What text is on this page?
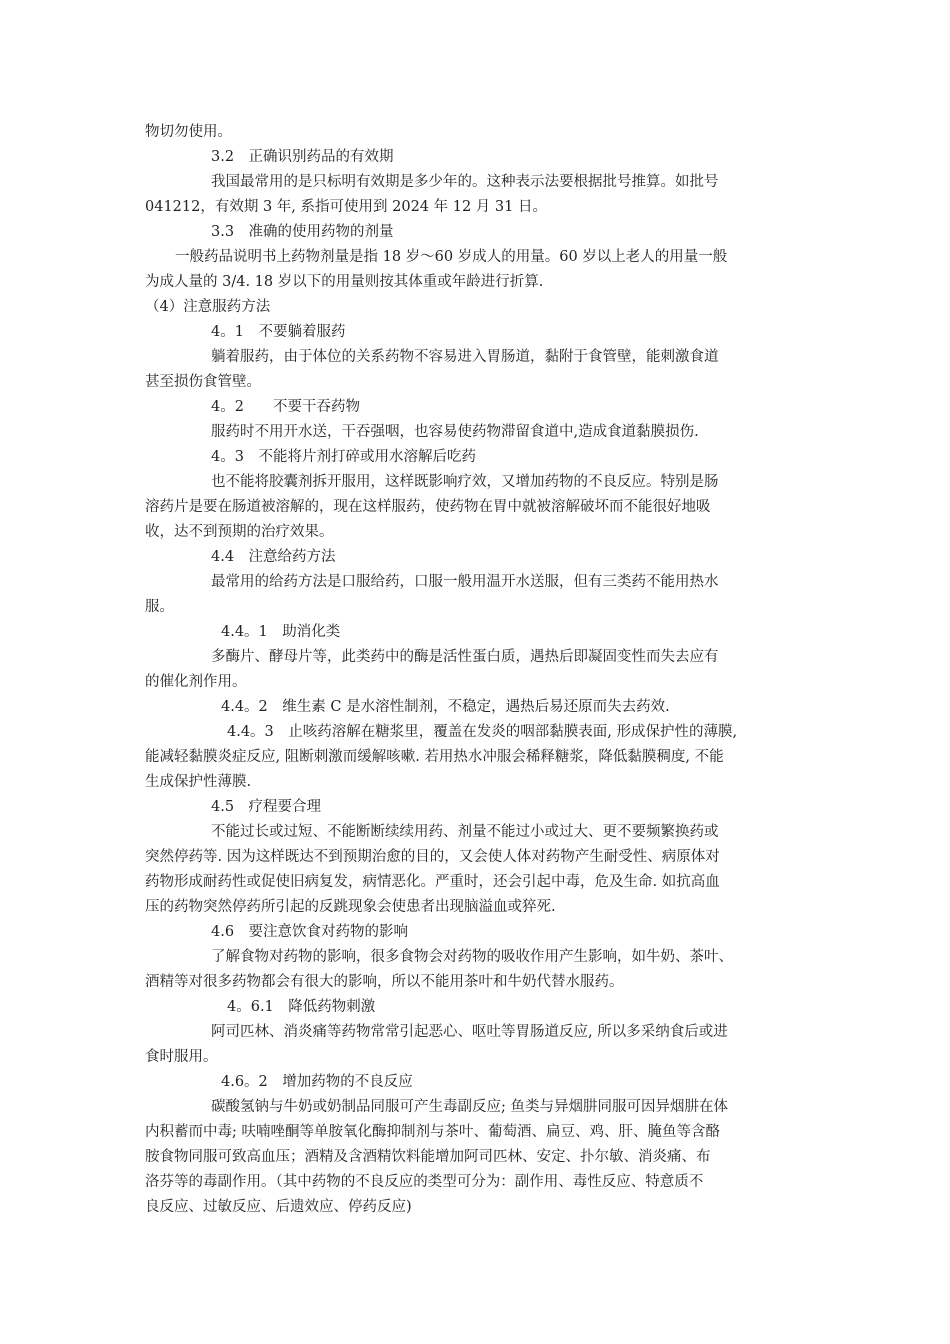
物切勿使用。
3.2　正确识别药品的有效期
我国最常用的是只标明有效期是多少年的。这种表示法要根据批号推算。如批号
041212，有效期 3 年, 系指可使用到 2024 年 12 月 31 日。
3.3　准确的使用药物的剂量
一般药品说明书上药物剂量是指 18 岁～60 岁成人的用量。60 岁以上老人的用量一般
为成人量的 3/4. 18 岁以下的用量则按其体重或年龄进行折算.
（4）注意服药方法
4。1　不要躺着服药
躺着服药，由于体位的关系药物不容易进入胃肠道，黏附于食管壁，能刺激食道
甚至损伤食管壁。
4。2　　不要干吞药物
服药时不用开水送，干吞强咽，也容易使药物滞留食道中,造成食道黏膜损伤.
4。3　不能将片剂打碎或用水溶解后吃药
也不能将胶囊剂拆开服用，这样既影响疗效，又增加药物的不良反应。特别是肠
溶药片是要在肠道被溶解的，现在这样服药，使药物在胃中就被溶解破坏而不能很好地吸
收，达不到预期的治疗效果。
4.4　注意给药方法
最常用的给药方法是口服给药，口服一般用温开水送服，但有三类药不能用热水
服。
4.4。1　助消化类
多酶片、酵母片等，此类药中的酶是活性蛋白质，遇热后即凝固变性而失去应有
的催化剂作用。
4.4。2　维生素 C 是水溶性制剂，不稳定，遇热后易还原而失去药效.
4.4。3　止咳药溶解在糖浆里，覆盖在发炎的咽部黏膜表面, 形成保护性的薄膜,
能减轻黏膜炎症反应, 阻断刺激而缓解咳嗽. 若用热水冲服会稀释糖浆，降低黏膜稠度, 不能
生成保护性薄膜.
4.5　疗程要合理
不能过长或过短、不能断断续续用药、剂量不能过小或过大、更不要频繁换药或
突然停药等. 因为这样既达不到预期治愈的目的，又会使人体对药物产生耐受性、病原体对
药物形成耐药性或促使旧病复发，病情恶化。严重时，还会引起中毒，危及生命. 如抗高血
压的药物突然停药所引起的反跳现象会使患者出现脑溢血或猝死.
4.6　要注意饮食对药物的影响
了解食物对药物的影响，很多食物会对药物的吸收作用产生影响，如牛奶、茶叶、
酒精等对很多药物都会有很大的影响，所以不能用茶叶和牛奶代替水服药。
4。6.1　降低药物刺激
阿司匹林、消炎痛等药物常常引起恶心、呕吐等胃肠道反应, 所以多采纳食后或进
食时服用。
4.6。2　增加药物的不良反应
碳酸氢钠与牛奶或奶制品同服可产生毒副反应; 鱼类与异烟肼同服可因异烟肼在体
内积蓄而中毒; 呋喃唑酮等单胺氧化酶抑制剂与茶叶、葡萄酒、扁豆、鸡、肝、腌鱼等含酪
胺食物同服可致高血压；酒精及含酒精饮料能增加阿司匹林、安定、扑尔敏、消炎痛、布
洛芬等的毒副作用。（其中药物的不良反应的类型可分为：副作用、毒性反应、特意质不
良反应、过敏反应、后遗效应、停药反应)
